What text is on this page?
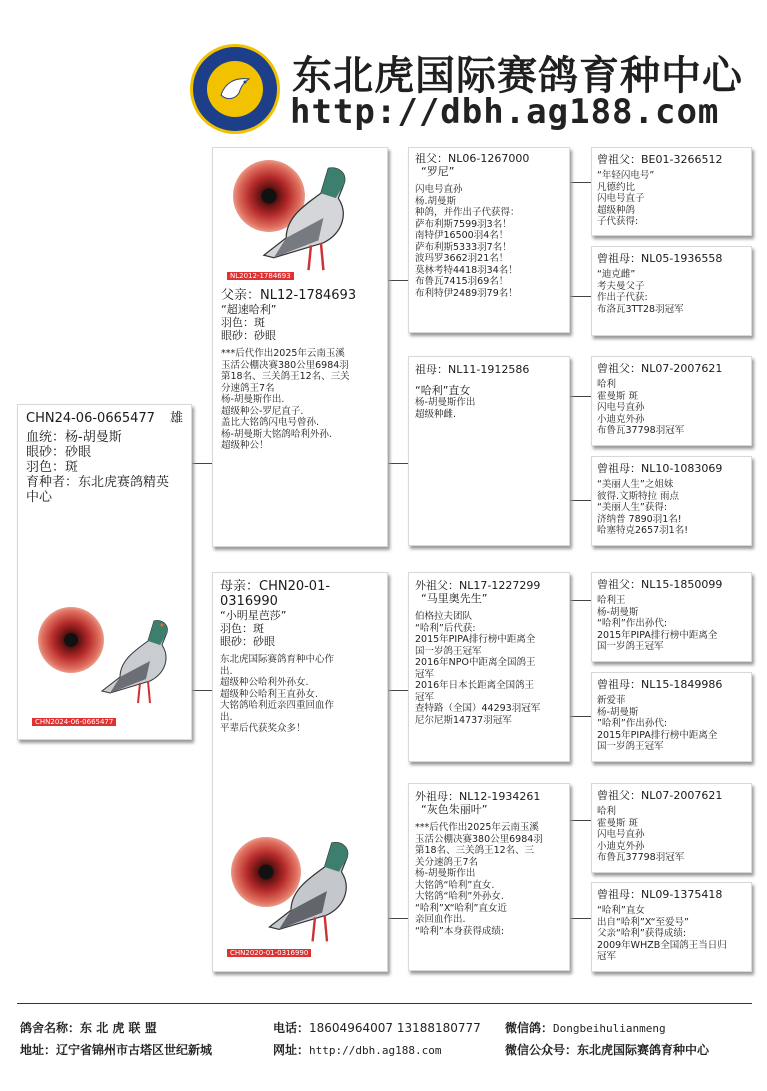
东北虎国际赛鸽育种中心
http://dbh.ag188.com
CHN24-06-0665477 雄
血统：杨-胡曼斯
眼砂：砂眼
羽色：斑
育种者：东北虎赛鸽精英
中心
CHN2024-06-0665477
NL2012-1784693
父亲：NL12-1784693
“超速哈利”
羽色：斑
眼砂：砂眼
***后代作出2025年云南玉溪
玉活公棚决赛380公里6984羽
第18名、三关鸽王12名、三关
分速鸽王7名
杨-胡曼斯作出.
超级种公-罗尼直子.
盖比大铭鸽闪电号曾孙.
杨-胡曼斯大铭鸽哈利外孙.
超级种公！
母亲：CHN20-01-
0316990
“小明星芭莎”
羽色：斑
眼砂：砂眼
东北虎国际赛鸽育种中心作
出.
超级种公哈利外孙女.
超级种公哈利王直孙女.
大铭鸽哈利近亲四重回血作
出.
平辈后代获奖众多！
CHN2020-01-0316990
祖父：NL06-1267000
“罗尼”
闪电号直孙
杨.胡曼斯
种鸽，并作出子代获得：
萨布利斯7599羽3名！
南特伊16500羽4名！
萨布利斯5333羽7名！
波玛罗3662羽21名！
莫林考特4418羽34名！
布鲁瓦7415羽69名！
布利特伊2489羽79名！
祖母：NL11-1912586
“哈利”直女
杨-胡曼斯作出
超级种雌.
外祖父：NL17-1227299
“马里奥先生”
伯格拉夫团队
“哈利”后代获:
2015年PIPA排行榜中距离全
国一岁鸽王冠军
2016年NPO中距离全国鸽王
冠军
2016年日本长距离全国鸽王
冠军
查特路（全国）44293羽冠军
尼尔尼斯14737羽冠军
外祖母：NL12-1934261
“灰色朱丽叶”
***后代作出2025年云南玉溪
玉活公棚决赛380公里6984羽
第18名、三关鸽王12名、三
关分速鸽王7名
杨-胡曼斯作出
大铭鸽“哈利”直女.
大铭鸽“哈利”外孙女.
“哈利”X“哈利”直女近
亲回血作出.
“哈利”本身获得成绩:
曾祖父：BE01-3266512
“年轻闪电号”
凡德约比
闪电号直子
超级种鸽
子代获得:
曾祖母：NL05-1936558
“迪克雌”
考夫曼父子
作出子代获:
布洛瓦3TT28羽冠军
曾祖父：NL07-2007621
哈利
霍曼斯 斑
闪电号直孙
小迪克外孙
布鲁瓦37798羽冠军
曾祖母：NL10-1083069
“美丽人生”之姐妹
彼得.文斯特拉 雨点
“美丽人生”获得:
济纳普 7890羽1名!
哈塞特克2657羽1名!
曾祖父：NL15-1850099
哈利王
杨-胡曼斯
“哈利”作出孙代:
2015年PIPA排行榜中距离全
国一岁鸽王冠军
曾祖母：NL15-1849986
新爱菲
杨-胡曼斯
”哈利”作出孙代:
2015年PIPA排行榜中距离全
国一岁鸽王冠军
曾祖父：NL07-2007621
哈利
霍曼斯 斑
闪电号直孙
小迪克外孙
布鲁瓦37798羽冠军
曾祖母：NL09-1375418
“哈利”直女
出自“哈利”X“至爱号”
父亲“哈利”获得成绩:
2009年WHZB全国鸽王当日归
冠军
鸽舍名称：东 北 虎 联 盟
地址：辽宁省锦州市古塔区世纪新城
电话：18604964007 13188180777
网址：http://dbh.ag188.com
微信鸽：Dongbeihulianmeng
微信公众号：东北虎国际赛鸽育种中心
